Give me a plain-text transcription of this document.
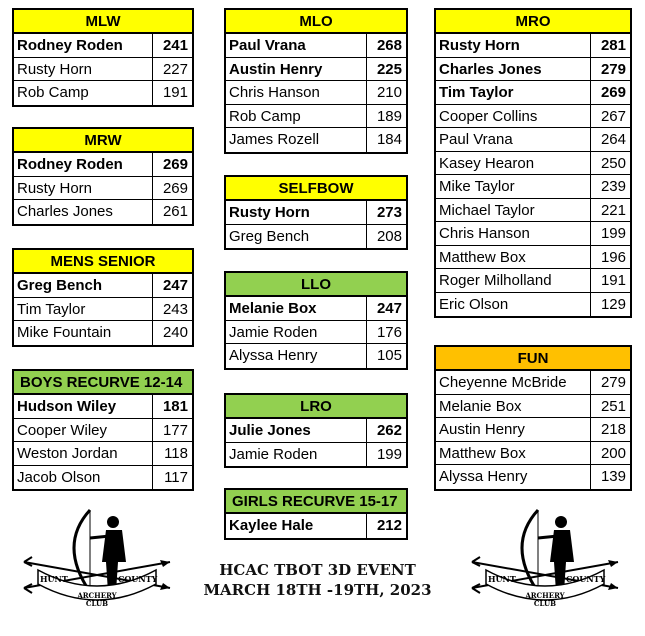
MLW
Rodney Roden	241
Rusty Horn	227
Rob Camp	191
MRW
Rodney Roden	269
Rusty Horn	269
Charles Jones	261
MENS SENIOR
Greg Bench	247
Tim Taylor	243
Mike Fountain	240
BOYS RECURVE 12-14
Hudson Wiley	181
Cooper Wiley	177
Weston Jordan	118
Jacob Olson	117
MLO
Paul Vrana	268
Austin Henry	225
Chris Hanson	210
Rob Camp	189
James Rozell	184
SELFBOW
Rusty Horn	273
Greg Bench	208
LLO
Melanie Box	247
Jamie Roden	176
Alyssa Henry	105
LRO
Julie Jones	262
Jamie Roden	199
GIRLS RECURVE 15-17
Kaylee Hale	212
MRO
Rusty Horn	281
Charles Jones	279
Tim Taylor	269
Cooper Collins	267
Paul Vrana	264
Kasey Hearon	250
Mike Taylor	239
Michael Taylor	221
Chris Hanson	199
Matthew Box	196
Roger Milholland	191
Eric Olson	129
FUN
Cheyenne McBride	279
Melanie Box	251
Austin Henry	218
Matthew Box	200
Alyssa Henry	139
HCAC TBOT 3D EVENT
MARCH 18TH -19TH, 2023
HUNT	COUNTY
ARCHERY
CLUB
HUNT	COUNTY
ARCHERY
CLUB
